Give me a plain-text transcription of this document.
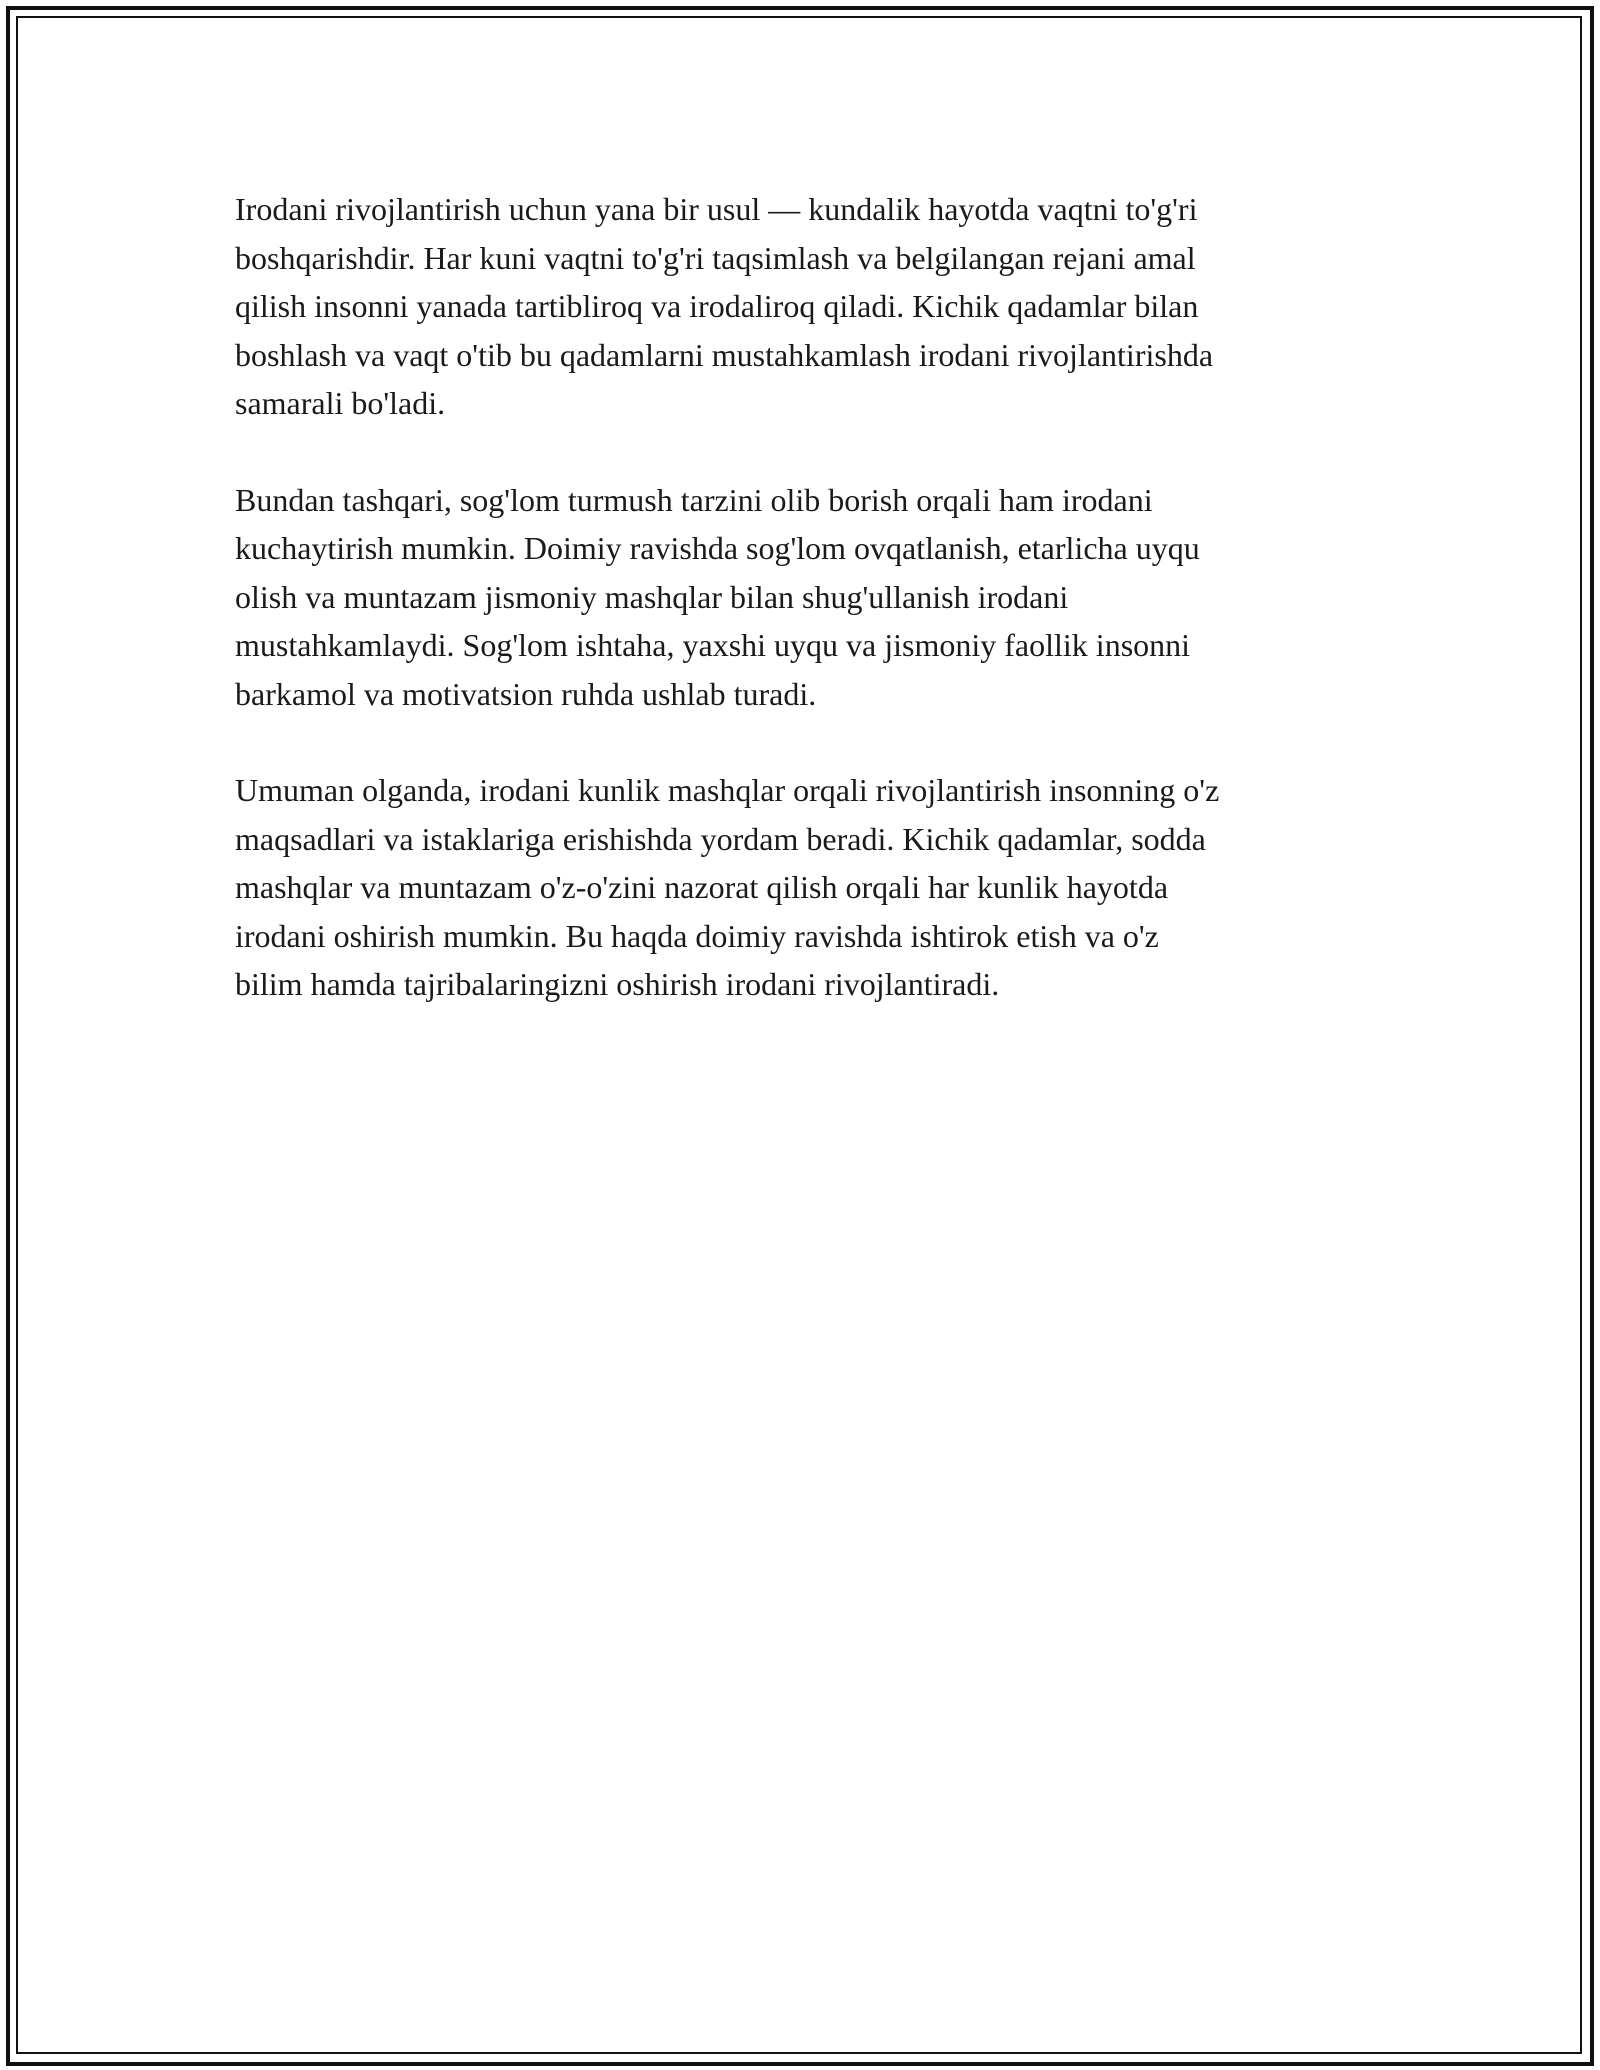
Irodani rivojlantirish uchun yana bir usul — kundalik hayotda vaqtni to'g'ri
boshqarishdir. Har kuni vaqtni to'g'ri taqsimlash va belgilangan rejani amal
qilish insonni yanada tartibliroq va irodaliroq qiladi. Kichik qadamlar bilan
boshlash va vaqt o'tib bu qadamlarni mustahkamlash irodani rivojlantirishda
samarali bo'ladi.

Bundan tashqari, sog'lom turmush tarzini olib borish orqali ham irodani
kuchaytirish mumkin. Doimiy ravishda sog'lom ovqatlanish, etarlicha uyqu
olish va muntazam jismoniy mashqlar bilan shug'ullanish irodani
mustahkamlaydi. Sog'lom ishtaha, yaxshi uyqu va jismoniy faollik insonni
barkamol va motivatsion ruhda ushlab turadi.

Umuman olganda, irodani kunlik mashqlar orqali rivojlantirish insonning o'z
maqsadlari va istaklariga erishishda yordam beradi. Kichik qadamlar, sodda
mashqlar va muntazam o'z-o'zini nazorat qilish orqali har kunlik hayotda
irodani oshirish mumkin. Bu haqda doimiy ravishda ishtirok etish va o'z
bilim hamda tajribalaringizni oshirish irodani rivojlantiradi.
